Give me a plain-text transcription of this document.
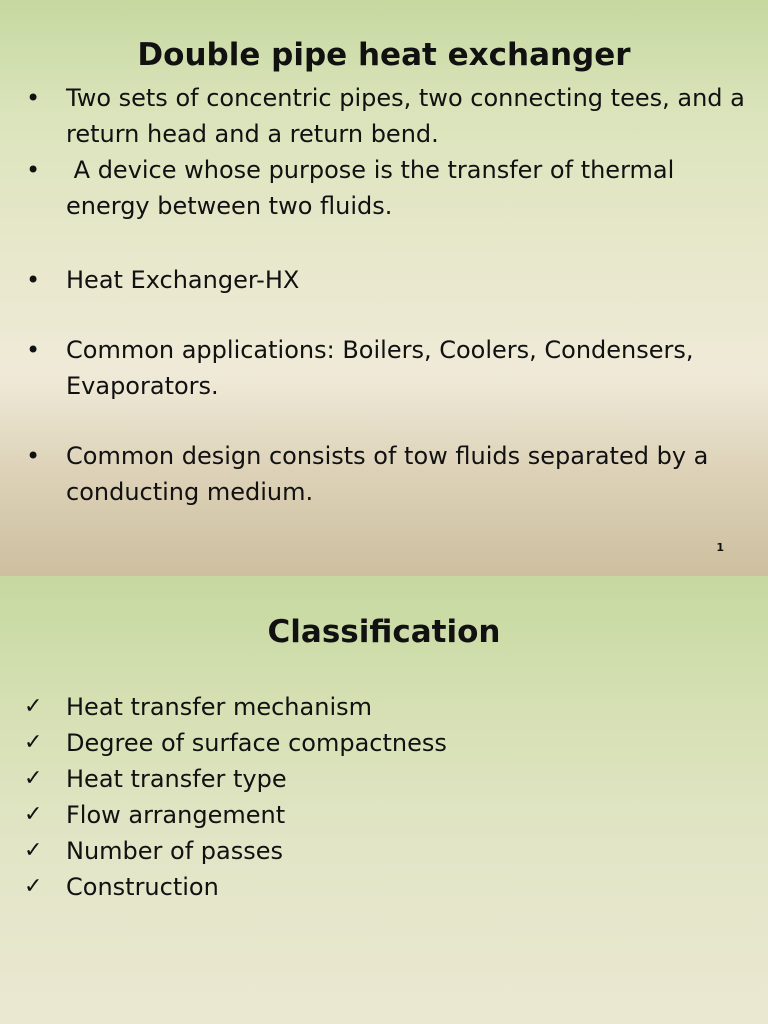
Double pipe heat exchanger
•	Two sets of concentric pipes, two connecting tees, and a return head and a return bend.
•	A device whose purpose is the transfer of thermal energy between two fluids.
•	Heat Exchanger-HX
•	Common applications: Boilers, Coolers, Condensers, Evaporators.
•	Common design consists of tow fluids separated by a conducting medium.
1
Classification
✓ Heat transfer mechanism
✓ Degree of surface compactness
✓ Heat transfer type
✓ Flow arrangement
✓ Number of passes
✓ Construction
